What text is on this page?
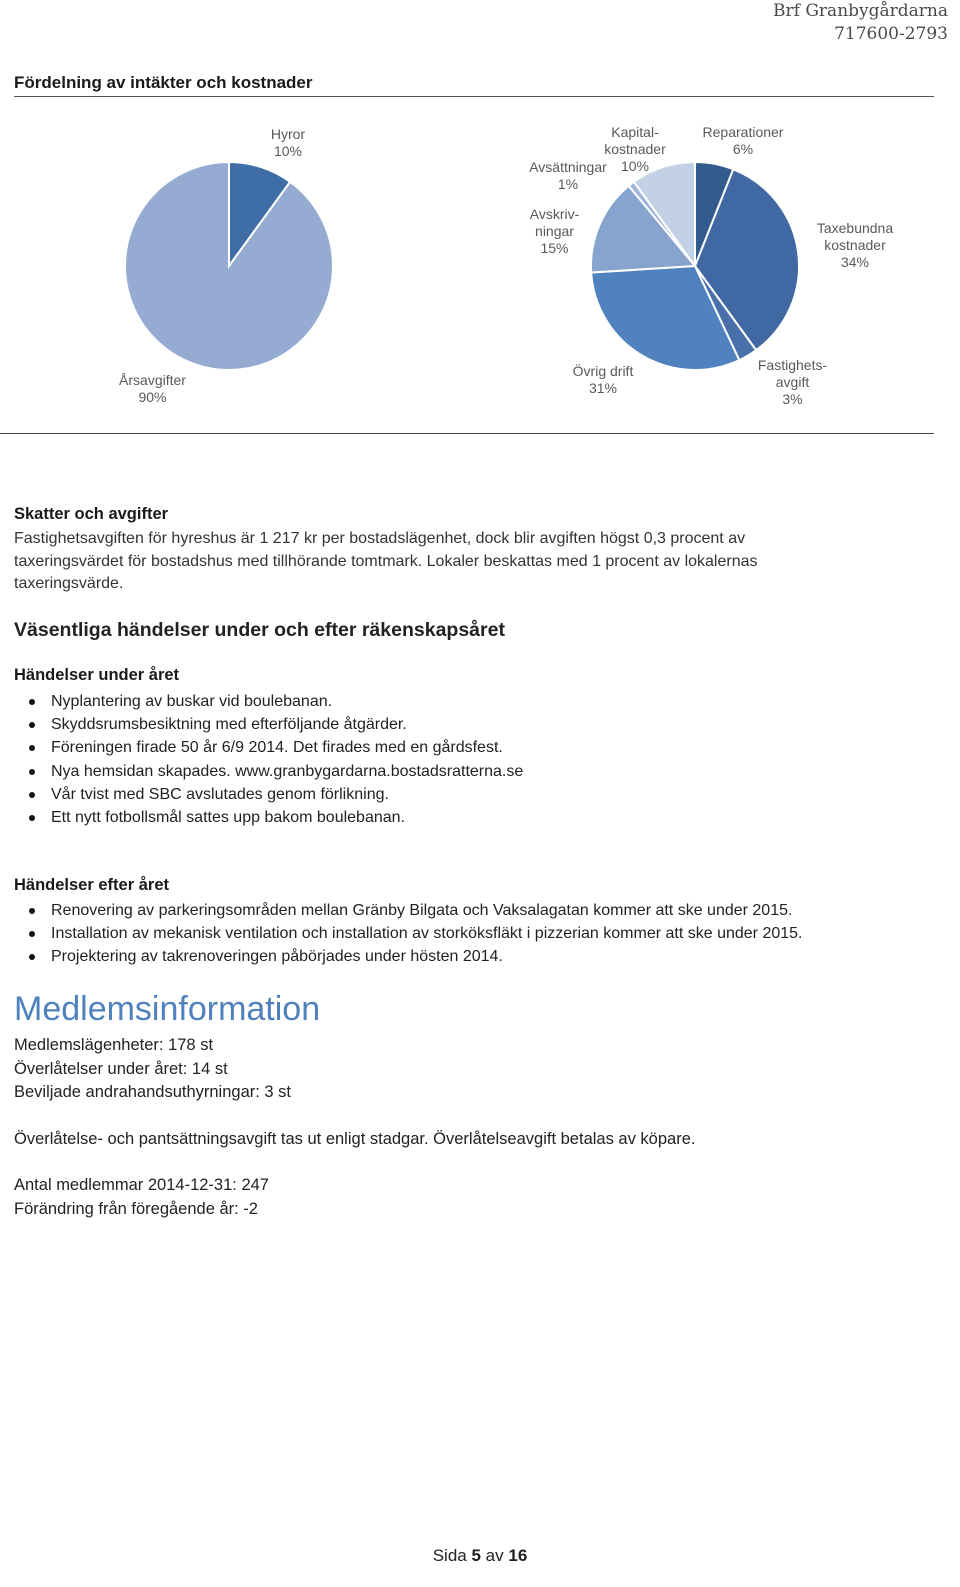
Brf Granbygårdarna
717600-2793
Fördelning av intäkter och kostnader
Hyror
10%
Årsavgifter
90%
Reparationer
6%
Taxebundna
kostnader
34%
Fastighets-
avgift
3%
Övrig drift
31%
Avskriv-
ningar
15%
Avsättningar
1%
Kapital-
kostnader
10%
Skatter och avgifter
Fastighetsavgiften för hyreshus är 1 217 kr per bostadslägenhet, dock blir avgiften högst 0,3 procent av
taxeringsvärdet för bostadshus med tillhörande tomtmark. Lokaler beskattas med 1 procent av lokalernas
taxeringsvärde.
Väsentliga händelser under och efter räkenskapsåret
Händelser under året
Nyplantering av buskar vid boulebanan.
Skyddsrumsbesiktning med efterföljande åtgärder.
Föreningen firade 50 år 6/9 2014. Det firades med en gårdsfest.
Nya hemsidan skapades. www.granbygardarna.bostadsratterna.se
Vår tvist med SBC avslutades genom förlikning.
Ett nytt fotbollsmål sattes upp bakom boulebanan.
Händelser efter året
Renovering av parkeringsområden mellan Gränby Bilgata och Vaksalagatan kommer att ske under 2015.
Installation av mekanisk ventilation och installation av storköksfläkt i pizzerian kommer att ske under 2015.
Projektering av takrenoveringen påbörjades under hösten 2014.
Medlemsinformation
Medlemslägenheter: 178 st
Överlåtelser under året: 14 st
Beviljade andrahandsuthyrningar: 3 st
Överlåtelse- och pantsättningsavgift tas ut enligt stadgar. Överlåtelseavgift betalas av köpare.
Antal medlemmar 2014-12-31: 247
Förändring från föregående år: -2
Sida 5 av 16
